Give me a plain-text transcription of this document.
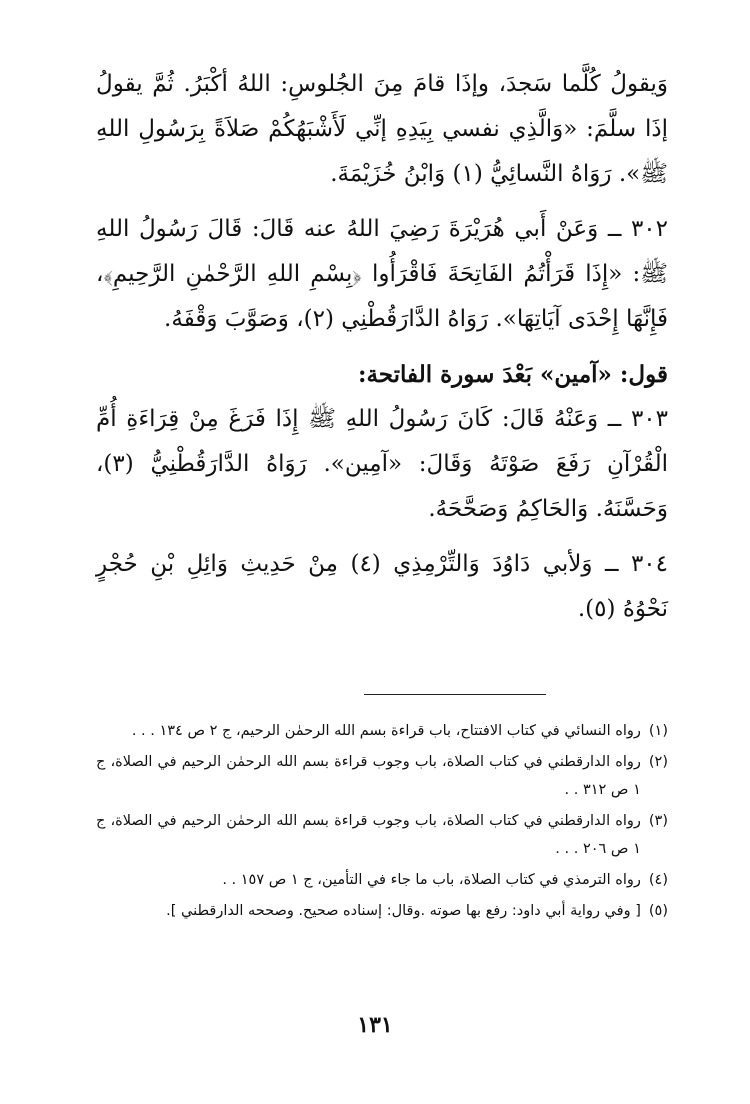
وَيقولُ كُلَّما سَجدَ، وإذَا قامَ مِنَ الجُلوسِ: اللهُ أكْبَرُ. ثُمَّ يقولُ إذَا سلَّمَ: «وَالَّذِي نفسي بِيَدِهِ إنِّي لَأَشْبَهُكُمْ صَلاَةً بِرَسُولِ اللهِ ﷺ». رَوَاهُ النَّسائِيُّ (١) وَابْنُ خُزَيْمَةَ.

٣٠٢ ــ وَعَنْ أَبي هُرَيْرَةَ رَضِيَ اللهُ عنه قَالَ: قَالَ رَسُولُ اللهِ ﷺ: «إِذَا قَرَأْتُمُ الفَاتِحَةَ فَاقْرَأُوا ﴿بِسْمِ اللهِ الرَّحْمٰنِ الرَّحِيمِ﴾، فَإِنَّهَا إِحْدَى آيَاتِهَا». رَوَاهُ الدَّارَقُطْنِي (٢)، وَصَوَّبَ وَقْفَهُ.

قول: «آمين» بَعْدَ سورة الفاتحة:

٣٠٣ ــ وَعَنْهُ قَالَ: كَانَ رَسُولُ اللهِ ﷺ إِذَا فَرَغَ مِنْ قِرَاءَةِ أُمِّ الْقُرْآنِ رَفَعَ صَوْتَهُ وَقَالَ: «آمِين». رَوَاهُ الدَّارَقُطْنِيُّ (٣)، وَحَسَّنَهُ. وَالحَاكِمُ وَصَحَّحَهُ.

٣٠٤ ــ وَلأبي دَاوُدَ وَالتِّرْمِذِي (٤) مِنْ حَدِيثِ وَائِلِ بْنِ حُجْرٍ نَحْوُهُ (٥).

(١)
رواه النسائي في كتاب الافتتاح، باب قراءة بسم الله الرحمٰن الرحيم، ج ٢ ص ١٣٤ . . .
(٢)
رواه الدارقطني في كتاب الصلاة، باب وجوب قراءة بسم الله الرحمٰن الرحيم في الصلاة، ج ١ ص ٣١٢ . .
(٣)
رواه الدارقطني في كتاب الصلاة، باب وجوب قراءة بسم الله الرحمٰن الرحيم في الصلاة، ج ١ ص ٢٠٦ . . .
(٤)
رواه الترمذي في كتاب الصلاة، باب ما جاء في التأمين، ج ١ ص ١٥٧ . .
(٥)
[ وفي رواية أبي داود: رفع بها صوته .وقال: إسناده صحيح. وصححه الدارقطني ].
١٣١
